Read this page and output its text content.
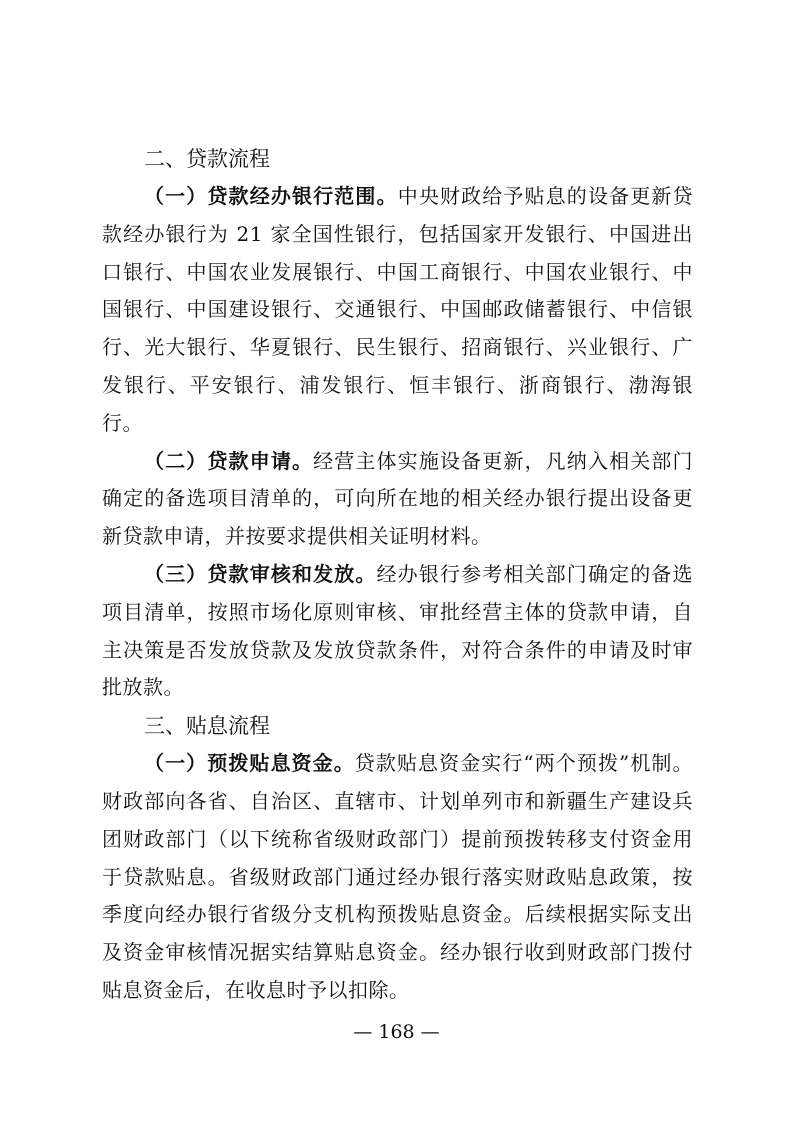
二、贷款流程

（一）贷款经办银行范围。中央财政给予贴息的设备更新贷款经办银行为 21 家全国性银行，包括国家开发银行、中国进出口银行、中国农业发展银行、中国工商银行、中国农业银行、中国银行、中国建设银行、交通银行、中国邮政储蓄银行、中信银行、光大银行、华夏银行、民生银行、招商银行、兴业银行、广发银行、平安银行、浦发银行、恒丰银行、浙商银行、渤海银行。

（二）贷款申请。经营主体实施设备更新，凡纳入相关部门确定的备选项目清单的，可向所在地的相关经办银行提出设备更新贷款申请，并按要求提供相关证明材料。

（三）贷款审核和发放。经办银行参考相关部门确定的备选项目清单，按照市场化原则审核、审批经营主体的贷款申请，自主决策是否发放贷款及发放贷款条件，对符合条件的申请及时审批放款。

三、贴息流程

（一）预拨贴息资金。贷款贴息资金实行“两个预拨”机制。财政部向各省、自治区、直辖市、计划单列市和新疆生产建设兵团财政部门（以下统称省级财政部门）提前预拨转移支付资金用于贷款贴息。省级财政部门通过经办银行落实财政贴息政策，按季度向经办银行省级分支机构预拨贴息资金。后续根据实际支出及资金审核情况据实结算贴息资金。经办银行收到财政部门拨付贴息资金后，在收息时予以扣除。

— 168 —
